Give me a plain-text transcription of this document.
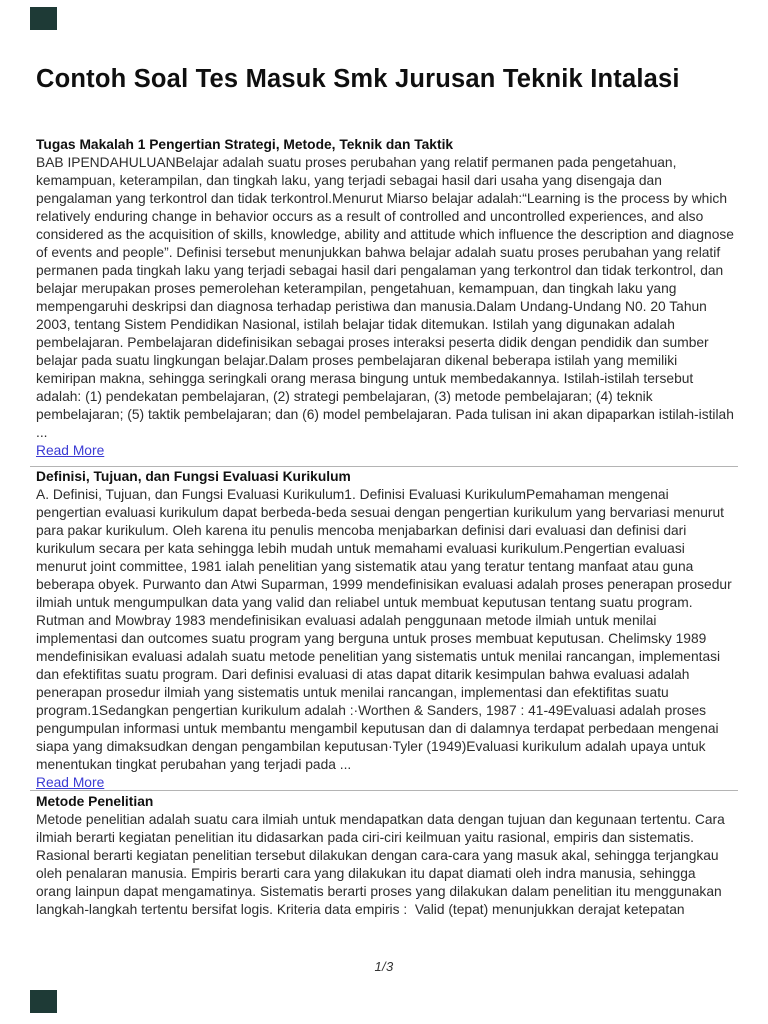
Contoh Soal Tes Masuk Smk Jurusan Teknik Intalasi
Tugas Makalah 1 Pengertian Strategi, Metode, Teknik dan Taktik

BAB IPENDAHULUANBelajar adalah suatu proses perubahan yang relatif permanen pada pengetahuan, kemampuan, keterampilan, dan tingkah laku, yang terjadi sebagai hasil dari usaha yang disengaja dan pengalaman yang terkontrol dan tidak terkontrol.Menurut Miarso belajar adalah:“Learning is the process by which relatively enduring change in behavior occurs as a result of controlled and uncontrolled experiences, and also considered as the acquisition of skills, knowledge, ability and attitude which influence the description and diagnose of events and people”. Definisi tersebut menunjukkan bahwa belajar adalah suatu proses perubahan yang relatif permanen pada tingkah laku yang terjadi sebagai hasil dari pengalaman yang terkontrol dan tidak terkontrol, dan belajar merupakan proses pemerolehan keterampilan, pengetahuan, kemampuan, dan tingkah laku yang mempengaruhi deskripsi dan diagnosa terhadap peristiwa dan manusia.Dalam Undang-Undang N0. 20 Tahun 2003, tentang Sistem Pendidikan Nasional, istilah belajar tidak ditemukan. Istilah yang digunakan adalah pembelajaran. Pembelajaran didefinisikan sebagai proses interaksi peserta didik dengan pendidik dan sumber belajar pada suatu lingkungan belajar.Dalam proses pembelajaran dikenal beberapa istilah yang memiliki kemiripan makna, sehingga seringkali orang merasa bingung untuk membedakannya. Istilah-istilah tersebut adalah: (1) pendekatan pembelajaran, (2) strategi pembelajaran, (3) metode pembelajaran; (4) teknik pembelajaran; (5) taktik pembelajaran; dan (6) model pembelajaran. Pada tulisan ini akan dipaparkan istilah-istilah ...

Read More
Definisi, Tujuan, dan Fungsi Evaluasi Kurikulum

A. Definisi, Tujuan, dan Fungsi Evaluasi Kurikulum1. Definisi Evaluasi KurikulumPemahaman mengenai pengertian evaluasi kurikulum dapat berbeda-beda sesuai dengan pengertian kurikulum yang bervariasi menurut para pakar kurikulum. Oleh karena itu penulis mencoba menjabarkan definisi dari evaluasi dan definisi dari kurikulum secara per kata sehingga lebih mudah untuk memahami evaluasi kurikulum.Pengertian evaluasi menurut joint committee, 1981 ialah penelitian yang sistematik atau yang teratur tentang manfaat atau guna beberapa obyek. Purwanto dan Atwi Suparman, 1999 mendefinisikan evaluasi adalah proses penerapan prosedur ilmiah untuk mengumpulkan data yang valid dan reliabel untuk membuat keputusan tentang suatu program. Rutman and Mowbray 1983 mendefinisikan evaluasi adalah penggunaan metode ilmiah untuk menilai implementasi dan outcomes suatu program yang berguna untuk proses membuat keputusan. Chelimsky 1989 mendefinisikan evaluasi adalah suatu metode penelitian yang sistematis untuk menilai rancangan, implementasi dan efektifitas suatu program. Dari definisi evaluasi di atas dapat ditarik kesimpulan bahwa evaluasi adalah penerapan prosedur ilmiah yang sistematis untuk menilai rancangan, implementasi dan efektifitas suatu program.1Sedangkan pengertian kurikulum adalah :·Worthen & Sanders, 1987 : 41-49Evaluasi adalah proses pengumpulan informasi untuk membantu mengambil keputusan dan di dalamnya terdapat perbedaan mengenai siapa yang dimaksudkan dengan pengambilan keputusan·Tyler (1949)Evaluasi kurikulum adalah upaya untuk menentukan tingkat perubahan yang terjadi pada ...

Read More
Metode Penelitian

Metode penelitian adalah suatu cara ilmiah untuk mendapatkan data dengan tujuan dan kegunaan tertentu. Cara ilmiah berarti kegiatan penelitian itu didasarkan pada ciri-ciri keilmuan yaitu rasional, empiris dan sistematis. Rasional berarti kegiatan penelitian tersebut dilakukan dengan cara-cara yang masuk akal, sehingga terjangkau oleh penalaran manusia. Empiris berarti cara yang dilakukan itu dapat diamati oleh indra manusia, sehingga orang lainpun dapat mengamatinya. Sistematis berarti proses yang dilakukan dalam penelitian itu menggunakan langkah-langkah tertentu bersifat logis. Kriteria data empiris :  Valid (tepat) menunjukkan derajat ketepatan

1/3
